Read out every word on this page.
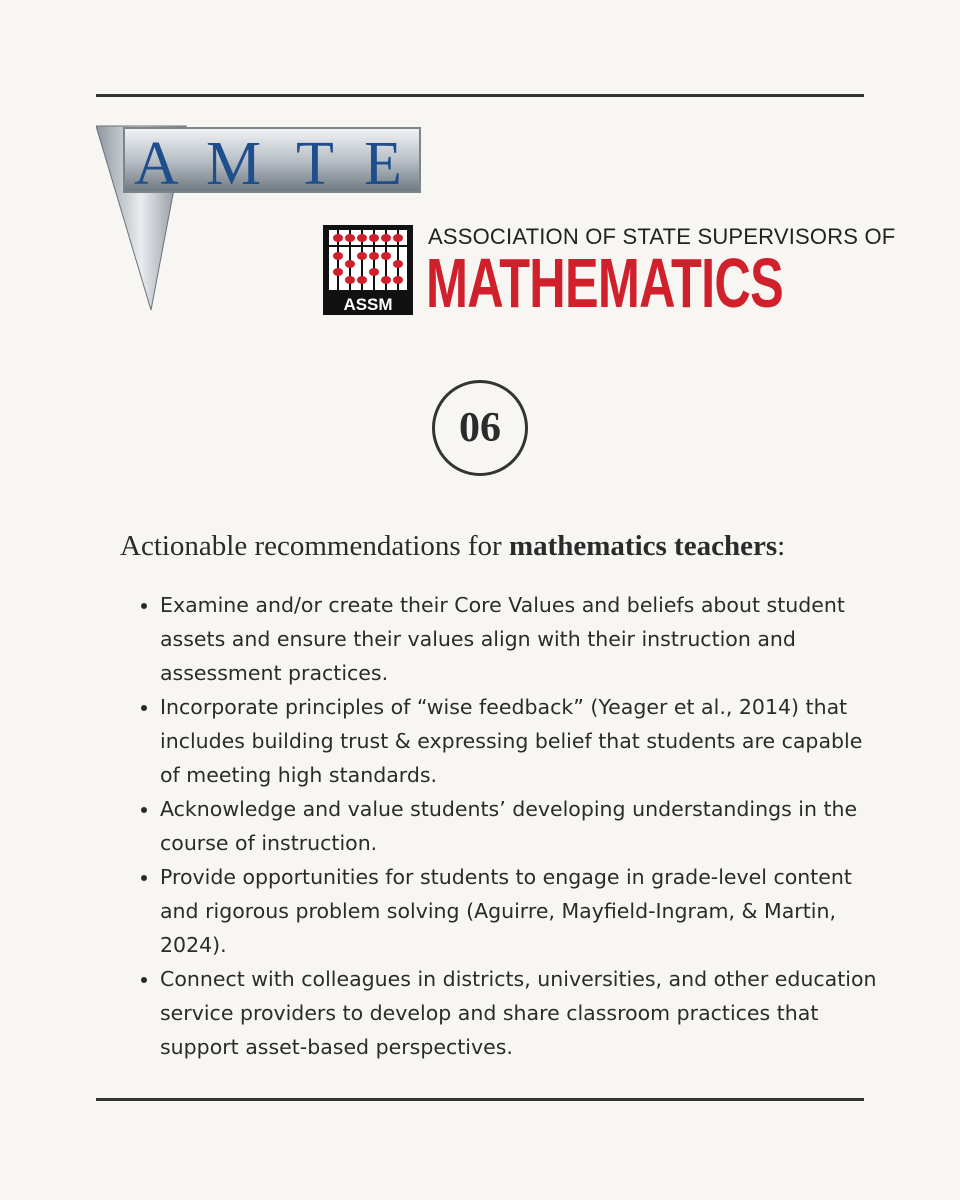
A M T E
ASSM
ASSOCIATION OF STATE SUPERVISORS OF
MATHEMATICS
06
Actionable recommendations for mathematics teachers:
• Examine and/or create their Core Values and beliefs about student assets and ensure their values align with their instruction and assessment practices.
• Incorporate principles of “wise feedback” (Yeager et al., 2014) that includes building trust & expressing belief that students are capable of meeting high standards.
• Acknowledge and value students’ developing understandings in the course of instruction.
• Provide opportunities for students to engage in grade-level content and rigorous problem solving (Aguirre, Mayfield-Ingram, & Martin, 2024).
• Connect with colleagues in districts, universities, and other education service providers to develop and share classroom practices that support asset-based perspectives.
